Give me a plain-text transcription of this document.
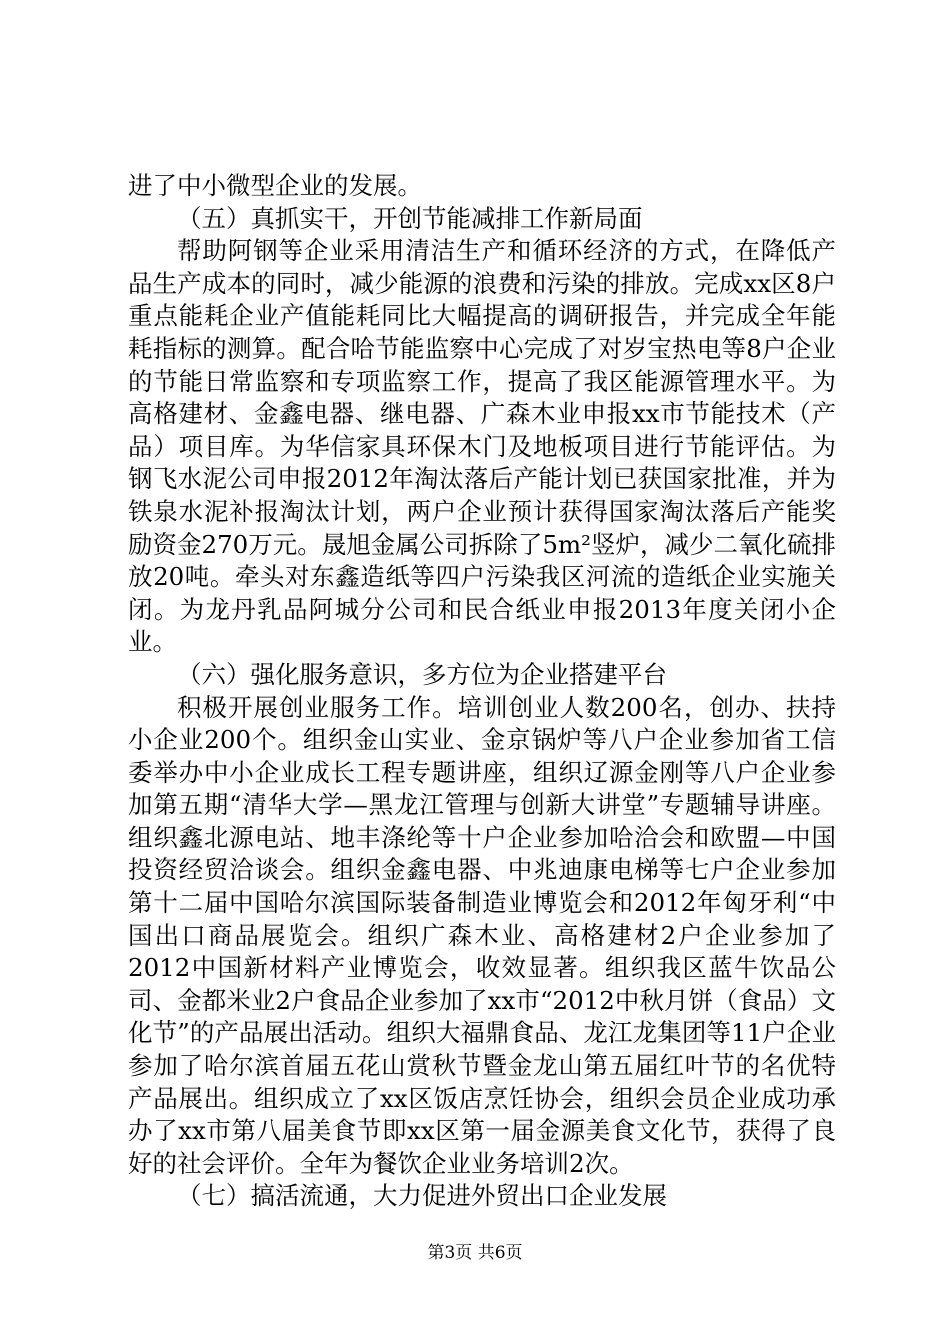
进了中小微型企业的发展。

（五）真抓实干，开创节能减排工作新局面

帮助阿钢等企业采用清洁生产和循环经济的方式，在降低产品生产成本的同时，减少能源的浪费和污染的排放。完成xx区8户重点能耗企业产值能耗同比大幅提高的调研报告，并完成全年能耗指标的测算。配合哈节能监察中心完成了对岁宝热电等8户企业的节能日常监察和专项监察工作，提高了我区能源管理水平。为高格建材、金鑫电器、继电器、广森木业申报xx市节能技术（产品）项目库。为华信家具环保木门及地板项目进行节能评估。为钢飞水泥公司申报2012年淘汰落后产能计划已获国家批准，并为铁泉水泥补报淘汰计划，两户企业预计获得国家淘汰落后产能奖励资金270万元。晟旭金属公司拆除了5m²竖炉，减少二氧化硫排放20吨。牵头对东鑫造纸等四户污染我区河流的造纸企业实施关闭。为龙丹乳品阿城分公司和民合纸业申报2013年度关闭小企业。

（六）强化服务意识，多方位为企业搭建平台

积极开展创业服务工作。培训创业人数200名，创办、扶持小企业200个。组织金山实业、金京锅炉等八户企业参加省工信委举办中小企业成长工程专题讲座，组织辽源金刚等八户企业参加第五期“清华大学—黑龙江管理与创新大讲堂”专题辅导讲座。组织鑫北源电站、地丰涤纶等十户企业参加哈洽会和欧盟—中国投资经贸洽谈会。组织金鑫电器、中兆迪康电梯等七户企业参加第十二届中国哈尔滨国际装备制造业博览会和2012年匈牙利“中国出口商品展览会。组织广森木业、高格建材2户企业参加了2012中国新材料产业博览会，收效显著。组织我区蓝牛饮品公司、金都米业2户食品企业参加了xx市“2012中秋月饼（食品）文化节”的产品展出活动。组织大福鼎食品、龙江龙集团等11户企业参加了哈尔滨首届五花山赏秋节暨金龙山第五届红叶节的名优特产品展出。组织成立了xx区饭店烹饪协会，组织会员企业成功承办了xx市第八届美食节即xx区第一届金源美食文化节，获得了良好的社会评价。全年为餐饮企业业务培训2次。

（七）搞活流通，大力促进外贸出口企业发展

第3页 共6页
